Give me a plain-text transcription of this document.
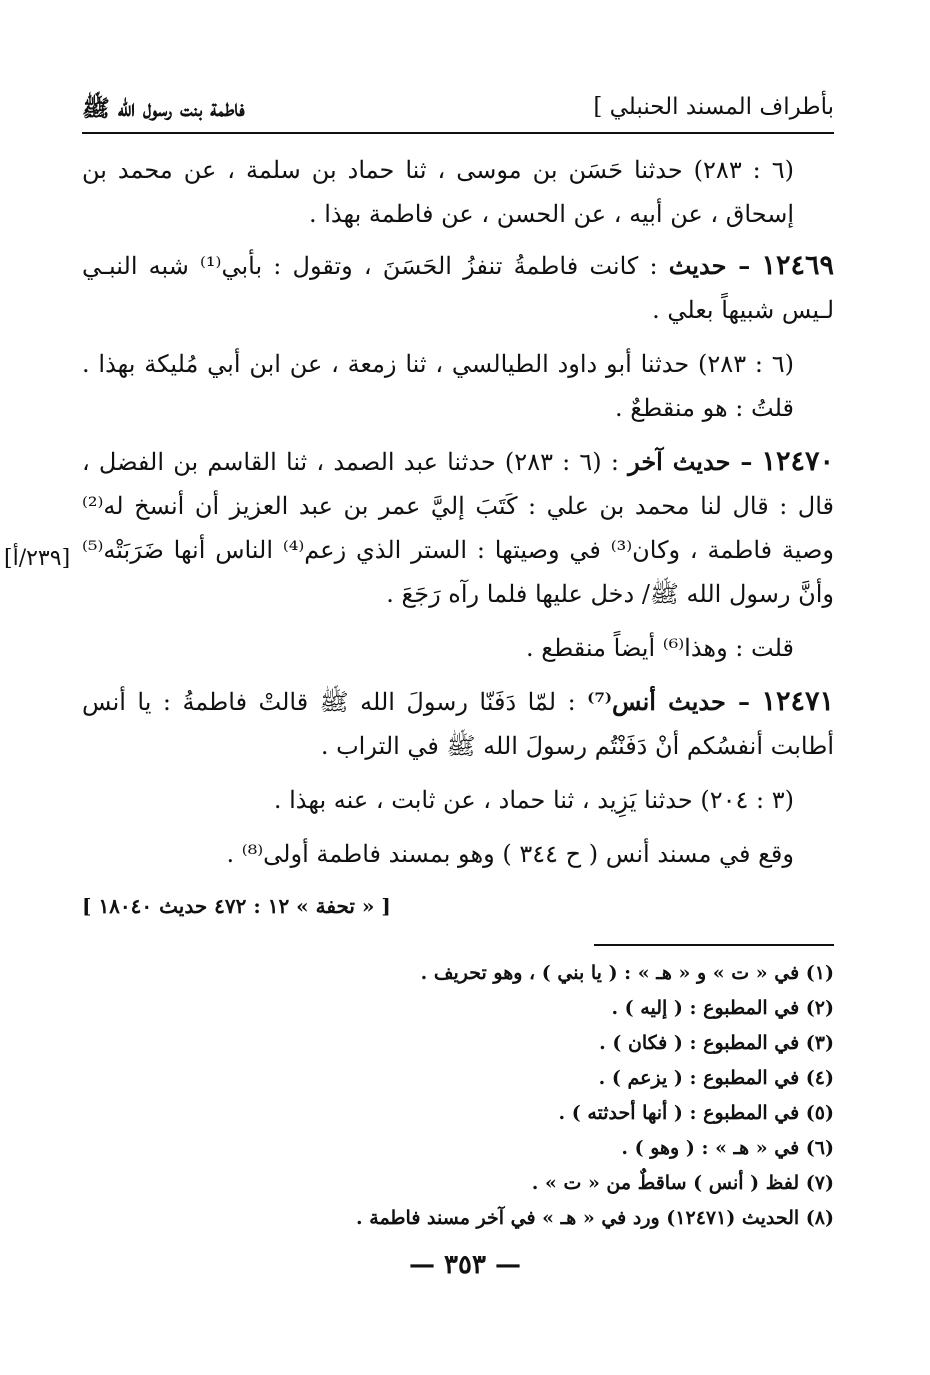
بأطراف المسند الحنبلي ]
فاطمة بنت رسول الله ﷺ

(٦ : ٢٨٣) حدثنا حَسَن بن موسى ، ثنا حماد بن سلمة ، عن محمد بن إسحاق ، عن أبيه ، عن الحسن ، عن فاطمة بهذا .

١٢٤٦٩ – حديث : كانت فاطمةُ تنفزُ الحَسَنَ ، وتقول : بأبي⁽¹⁾ شبه النبـي لـيس شبيهاً بعلي .

(٦ : ٢٨٣) حدثنا أبو داود الطيالسي ، ثنا زمعة ، عن ابن أبي مُليكة بهذا . قلتُ : هو منقطعٌ .

١٢٤٧٠ – حديث آخر : (٦ : ٢٨٣) حدثنا عبد الصمد ، ثنا القاسم بن الفضل ، قال : قال لنا محمد بن علي : كَتَبَ إليَّ عمر بن عبد العزيز أن أنسخ له⁽²⁾ وصية فاطمة ، وكان⁽³⁾ في وصيتها : الستر الذي زعم⁽⁴⁾ الناس أنها ضَرَبَتْه⁽⁵⁾ وأنَّ رسول الله ﷺ/ دخل عليها فلما رآه رَجَعَ .

قلت : وهذا⁽⁶⁾ أيضاً منقطع .

١٢٤٧١ – حديث أنس⁽⁷⁾ : لمّا دَفَنّا رسولَ الله ﷺ قالتْ فاطمةُ : يا أنس أطابت أنفسُكم أنْ دَفَنْتُم رسولَ الله ﷺ في التراب .

(٣ : ٢٠٤) حدثنا يَزِيد ، ثنا حماد ، عن ثابت ، عنه بهذا .

وقع في مسند أنس ( ح ٣٤٤ ) وهو بمسند فاطمة أولى⁽⁸⁾ .

[ « تحفة » ١٢ : ٤٧٢ حديث ١٨٠٤٠ ]
[٢٣٩/أ]
(١) في « ت » و « هـ » : ( يا بني ) ، وهو تحريف .
(٢) في المطبوع : ( إليه ) .
(٣) في المطبوع : ( فكان ) .
(٤) في المطبوع : ( يزعم ) .
(٥) في المطبوع : ( أنها أحدثته ) .
(٦) في « هـ » : ( وهو ) .
(٧) لفظ ( أنس ) ساقطٌ من « ت » .
(٨) الحديث (١٢٤٧١) ورد في « هـ » في آخر مسند فاطمة .
— ٣٥٣ —
